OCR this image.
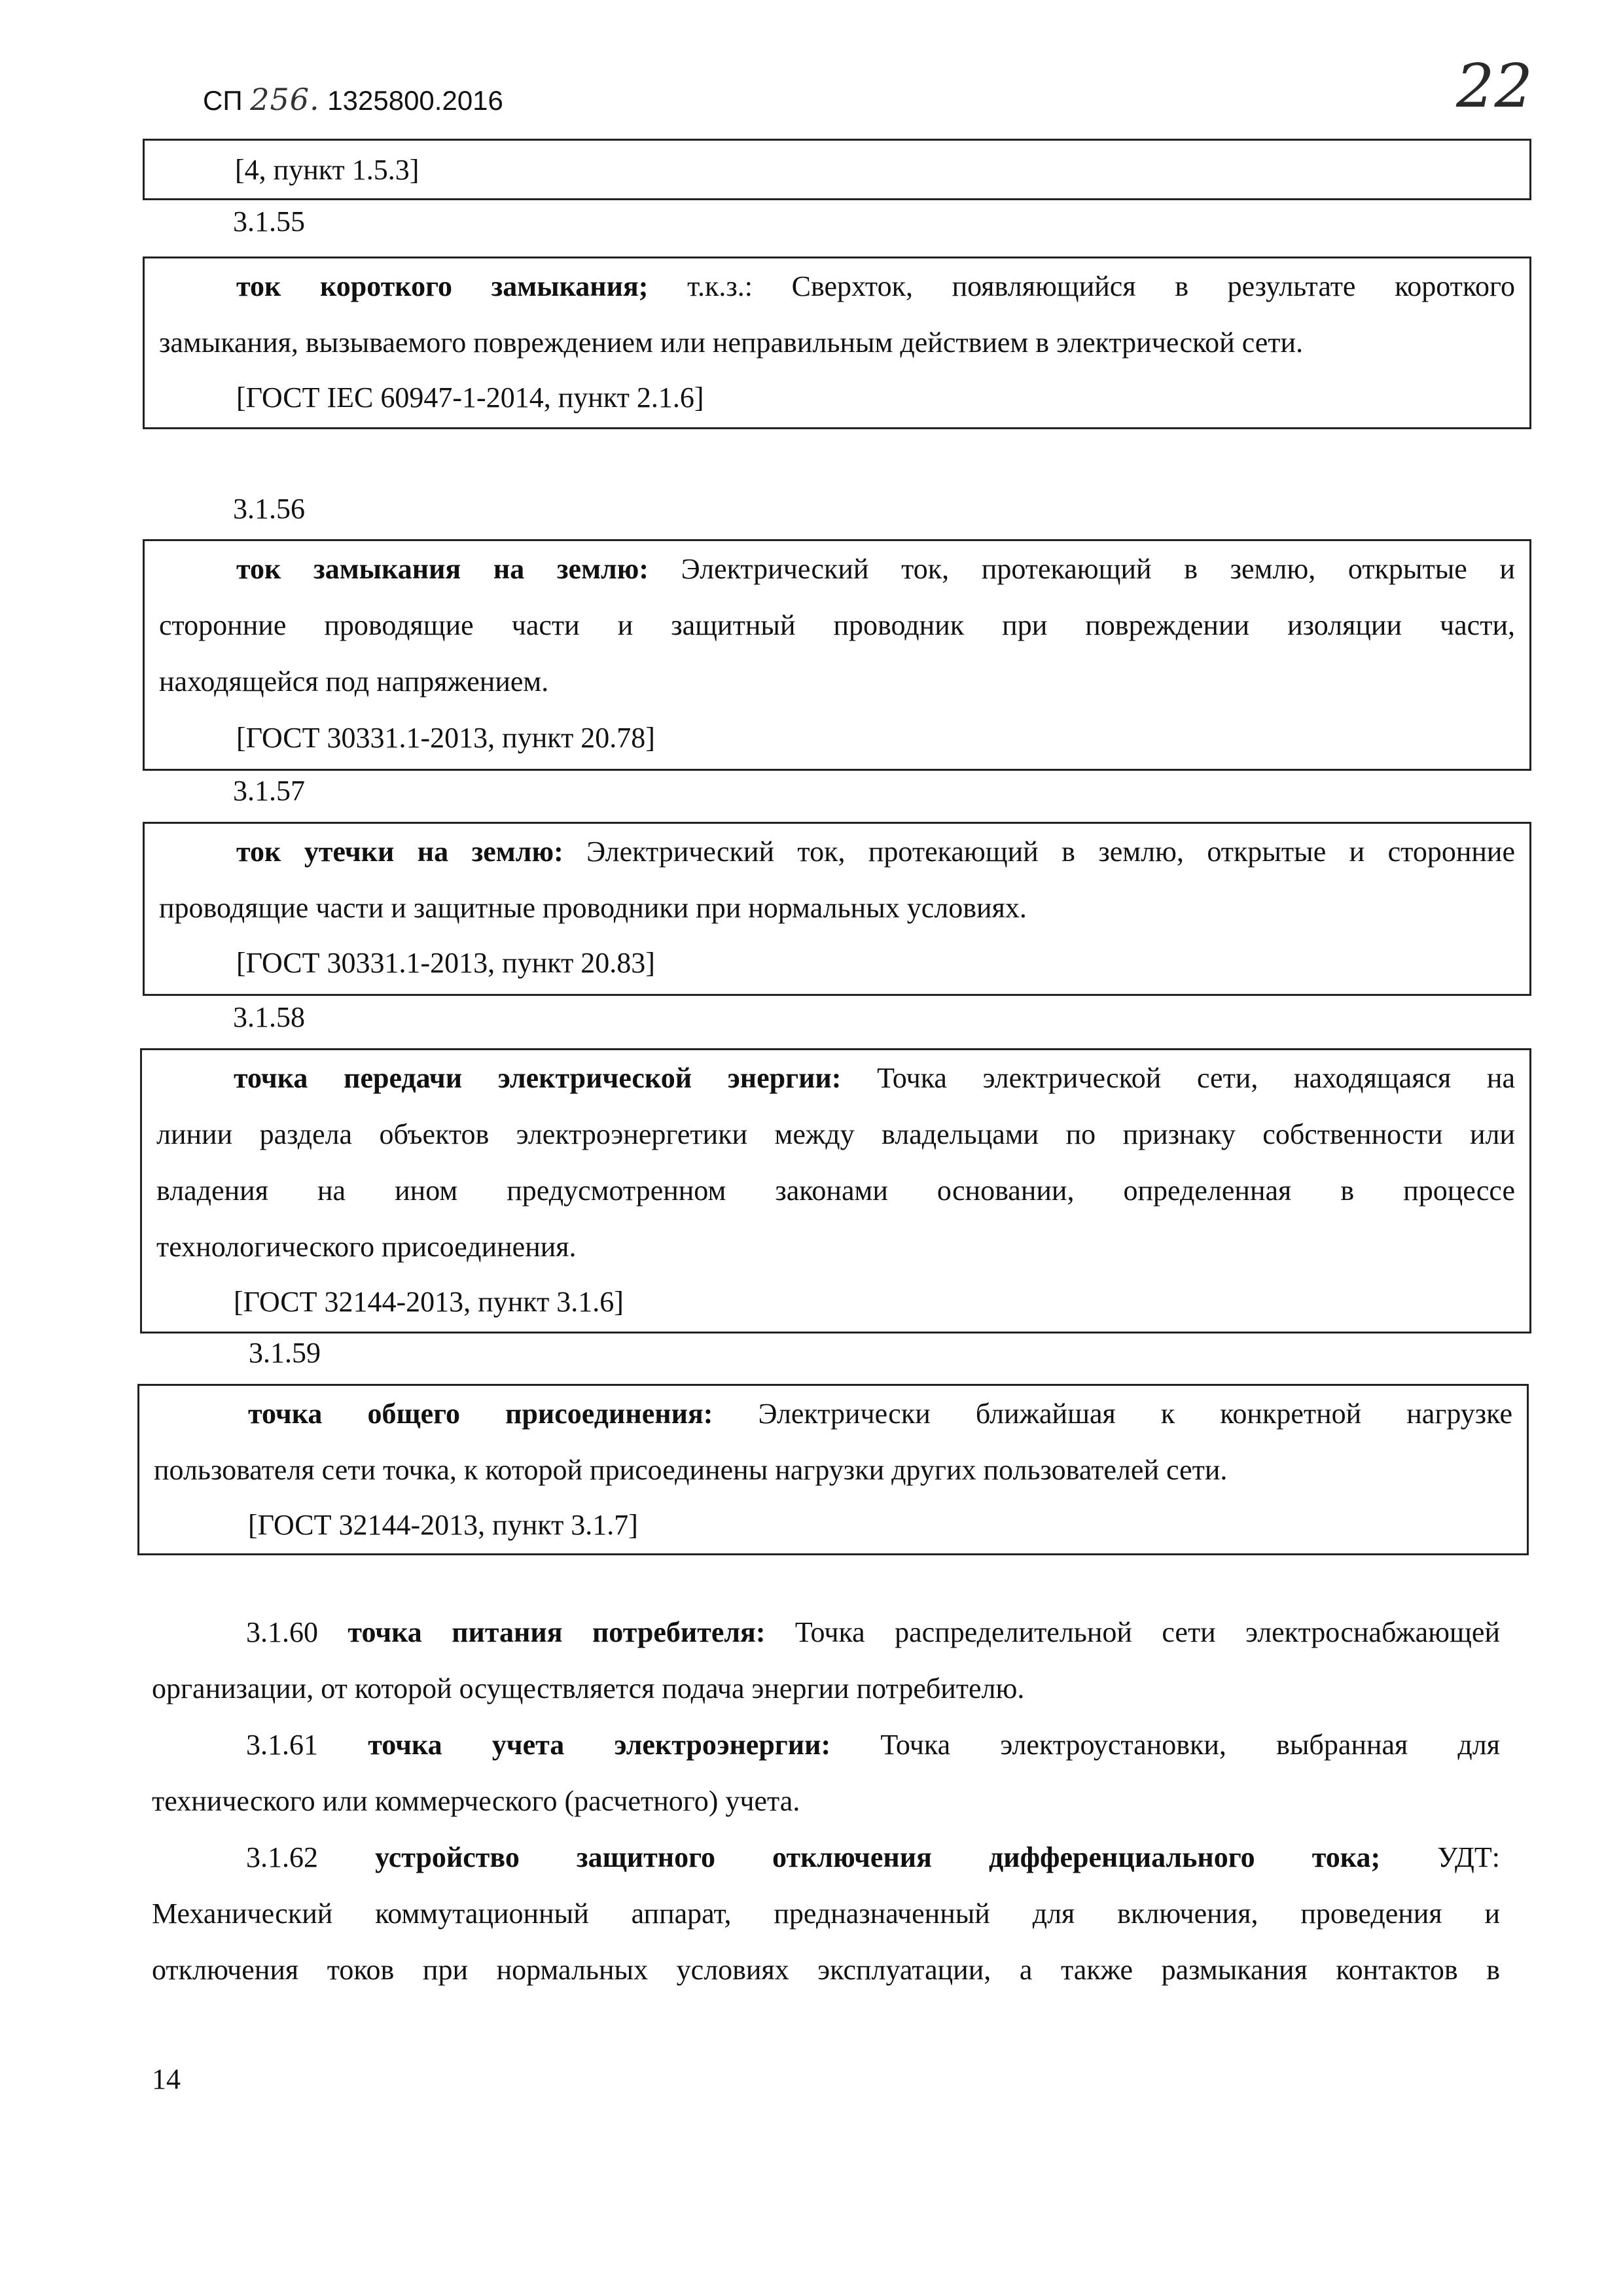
СП 256. 1325800.2016	22
[4, пункт 1.5.3]
3.1.55
ток короткого замыкания; т.к.з.: Сверхток, появляющийся в результате короткого
замыкания, вызываемого повреждением или неправильным действием в электрической сети.
[ГОСТ IEC 60947-1-2014, пункт 2.1.6]
3.1.56
ток замыкания на землю: Электрический ток, протекающий в землю, открытые и
сторонние проводящие части и защитный проводник при повреждении изоляции части,
находящейся под напряжением.
[ГОСТ 30331.1-2013, пункт 20.78]
3.1.57
ток утечки на землю: Электрический ток, протекающий в землю, открытые и сторонние
проводящие части и защитные проводники при нормальных условиях.
[ГОСТ 30331.1-2013, пункт 20.83]
3.1.58
точка передачи электрической энергии: Точка электрической сети, находящаяся на
линии раздела объектов электроэнергетики между владельцами по признаку собственности или
владения на ином предусмотренном законами основании, определенная в процессе
технологического присоединения.
[ГОСТ 32144-2013, пункт 3.1.6]
3.1.59
точка общего присоединения: Электрически ближайшая к конкретной нагрузке
пользователя сети точка, к которой присоединены нагрузки других пользователей сети.
[ГОСТ 32144-2013, пункт 3.1.7]
3.1.60 точка питания потребителя: Точка распределительной сети электроснабжающей
организации, от которой осуществляется подача энергии потребителю.
3.1.61 точка учета электроэнергии: Точка электроустановки, выбранная для
технического или коммерческого (расчетного) учета.
3.1.62 устройство защитного отключения дифференциального тока; УДТ:
Механический коммутационный аппарат, предназначенный для включения, проведения и
отключения токов при нормальных условиях эксплуатации, а также размыкания контактов в
14
